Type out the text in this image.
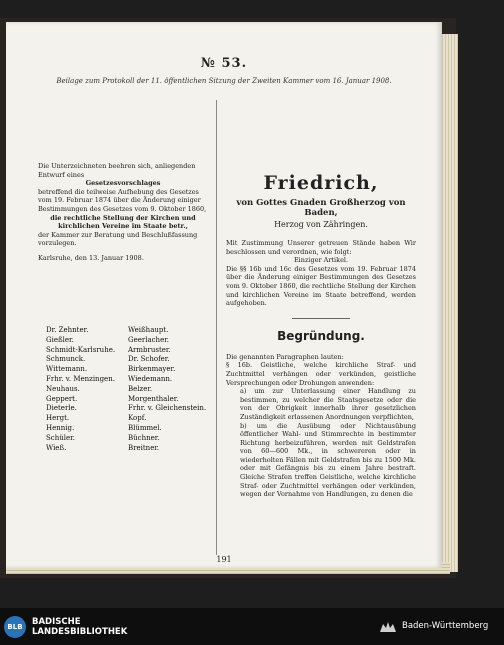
№ 53.
Beilage zum Protokoll der 11. öffentlichen Sitzung der Zweiten Kammer vom 16. Januar 1908.

Die Unterzeichneten beehren sich, anliegenden Entwurf eines

Gesetzesvorschlages

betreffend die teilweise Aufhebung des Gesetzes vom 19. Februar 1874 über die Änderung einiger Bestimmungen des Gesetzes vom 9. Oktober 1860,

die rechtliche Stellung der Kirchen und kirchlichen Vereine im Staate betr.,

der Kammer zur Beratung und Beschlußfassung vorzulegen.

Karlsruhe, den 13. Januar 1908.

Dr. Zehnter.	Weißhaupt.
Gießler.	Geerlacher.
Schmidt-Karlsruhe.	Armbruster.
Schmunck.	Dr. Schofer.
Wittemann.	Birkenmayer.
Frhr. v. Menzingen.	Wiedemann.
Neuhaus.	Belzer.
Geppert.	Morgenthaler.
Dieterle.	Frhr. v. Gleichenstein.
Hergt.	Kopf.
Hennig.	Blümmel.
Schüler.	Büchner.
Wieß.	Breitner.
Friedrich,
von Gottes Gnaden Großherzog von Baden,
Herzog von Zähringen.

Mit Zustimmung Unserer getreuen Stände haben Wir beschlossen und verordnen, wie folgt:

Einziger Artikel.

Die §§ 16b und 16c des Gesetzes vom 19. Februar 1874 über die Änderung einiger Bestimmungen des Gesetzes vom 9. Oktober 1860, die rechtliche Stellung der Kirchen und kirchlichen Vereine im Staate betreffend, werden aufgehoben.

Begründung.

Die genannten Paragraphen lauten:

§ 16b. Geistliche, welche kirchliche Straf- und Zuchtmittel verhängen oder verkünden, geistliche Versprechungen oder Drohungen anwenden:

a) um zur Unterlassung einer Handlung zu bestimmen, zu welcher die Staatsgesetze oder die von der Obrigkeit innerhalb ihrer gesetzlichen Zuständigkeit erlassenen Anordnungen verpflichten,

b) um die Ausübung oder Nichtausübung öffentlicher Wahl- und Stimmrechte in bestimmter Richtung herbeizuführen, werden mit Geldstrafen von 60—600 Mk., in schwereren oder in wiederholten Fällen mit Geldstrafen bis zu 1500 Mk. oder mit Gefängnis bis zu einem Jahre bestraft. Gleiche Strafen treffen Geistliche, welche kirchliche Straf- oder Zuchtmittel verhängen oder verkünden, wegen der Vornahme von Handlungen, zu denen die

191
BLB	BADISCHE
LANDESBIBLIOTHEK
Baden-Württemberg
